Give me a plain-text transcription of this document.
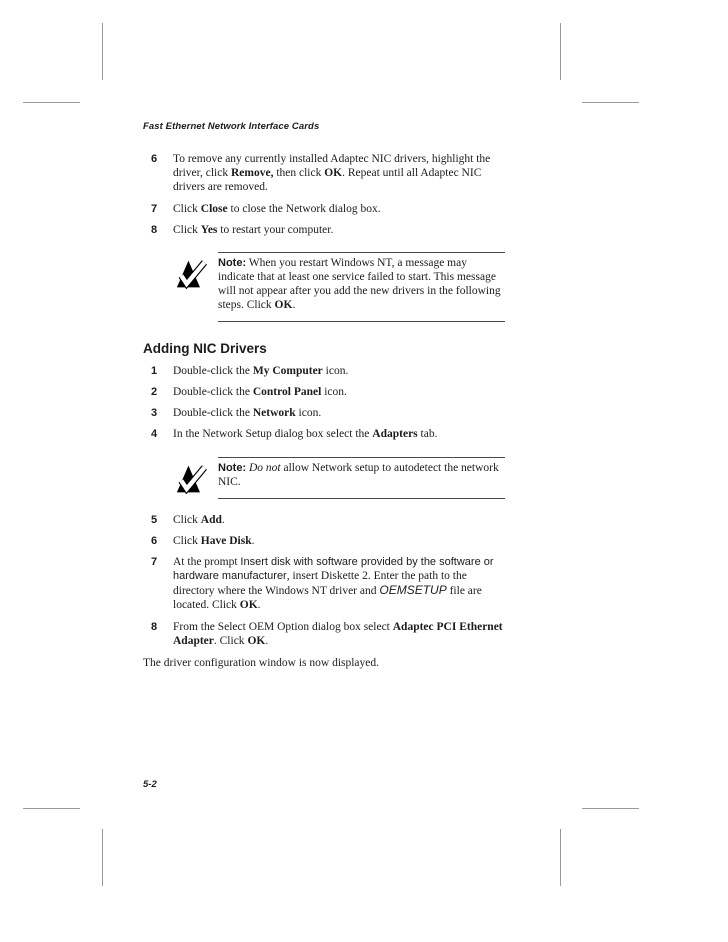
Fast Ethernet Network Interface Cards
6 To remove any currently installed Adaptec NIC drivers, highlight the driver, click Remove, then click OK. Repeat until all Adaptec NIC drivers are removed.
7 Click Close to close the Network dialog box.
8 Click Yes to restart your computer.
Note: When you restart Windows NT, a message may indicate that at least one service failed to start. This message will not appear after you add the new drivers in the following steps. Click OK.
Adding NIC Drivers
1 Double-click the My Computer icon.
2 Double-click the Control Panel icon.
3 Double-click the Network icon.
4 In the Network Setup dialog box select the Adapters tab.
Note: Do not allow Network setup to autodetect the network NIC.
5 Click Add.
6 Click Have Disk.
7 At the prompt Insert disk with software provided by the software or hardware manufacturer, insert Diskette 2. Enter the path to the directory where the Windows NT driver and OEMSETUP file are located. Click OK.
8 From the Select OEM Option dialog box select Adaptec PCI Ethernet Adapter. Click OK.
The driver configuration window is now displayed.
5-2
